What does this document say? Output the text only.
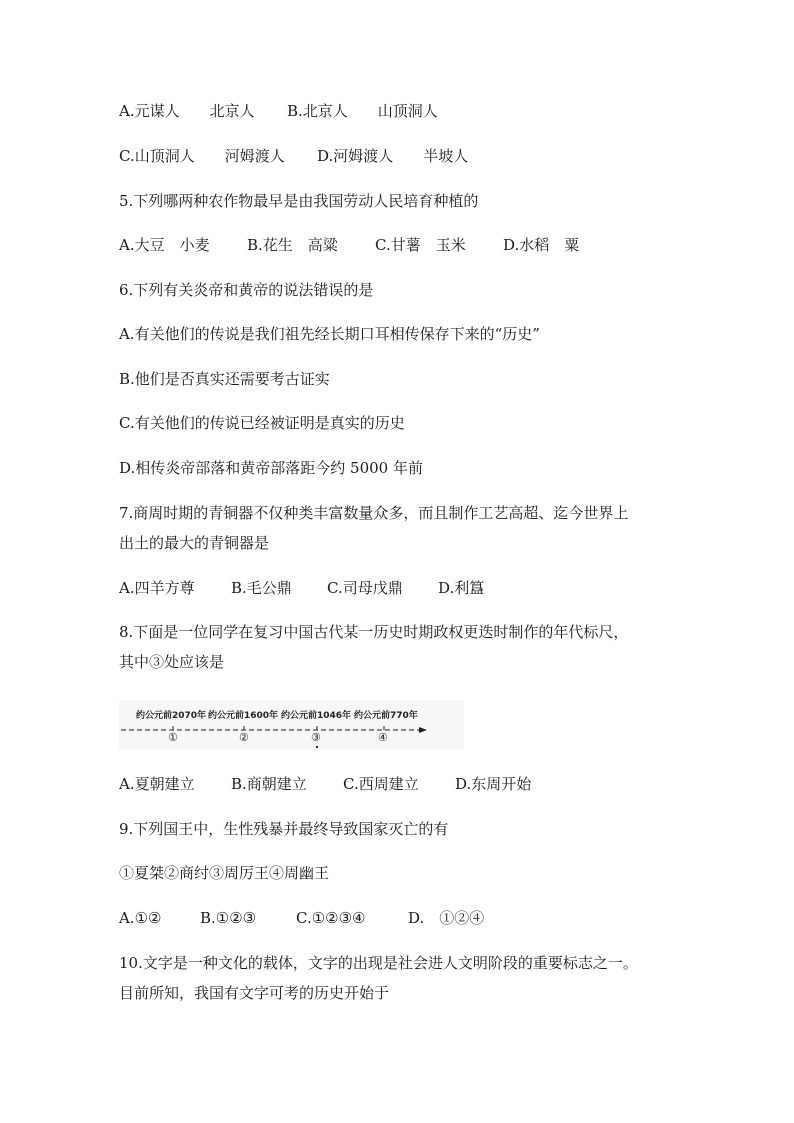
A.元谋人　　北京人 B.北京人　　山顶洞人
C.山顶洞人　　河姆渡人 D.河姆渡人　　半坡人
5.下列哪两种农作物最早是由我国劳动人民培育种植的
A.大豆　小麦 B.花生　高粱 C.甘薯　玉米 D.水稻　粟
6.下列有关炎帝和黄帝的说法错误的是
A.有关他们的传说是我们祖先经长期口耳相传保存下来的“历史”
B.他们是否真实还需要考古证实
C.有关他们的传说已经被证明是真实的历史
D.相传炎帝部落和黄帝部落距今约 5000 年前
7.商周时期的青铜器不仅种类丰富数量众多，而且制作工艺高超、迄今世界上
出土的最大的青铜器是
A.四羊方尊 B.毛公鼎 C.司母戊鼎 D.利簋
8.下面是一位同学在复习中国古代某一历史时期政权更迭时制作的年代标尺，
其中③处应该是
约公元前2070年 约公元前1600年 约公元前1046年 约公元前770年
①	②	③	④
A.夏朝建立 B.商朝建立 C.西周建立 D.东周开始
9.下列国王中，生性残暴并最终导致国家灭亡的有
①夏桀②商纣③周厉王④周幽王
A.①②	B.①②③	C.①②③④	D.　①②④
10.文字是一种文化的载体，文字的出现是社会进人文明阶段的重要标志之一。
目前所知，我国有文字可考的历史开始于
